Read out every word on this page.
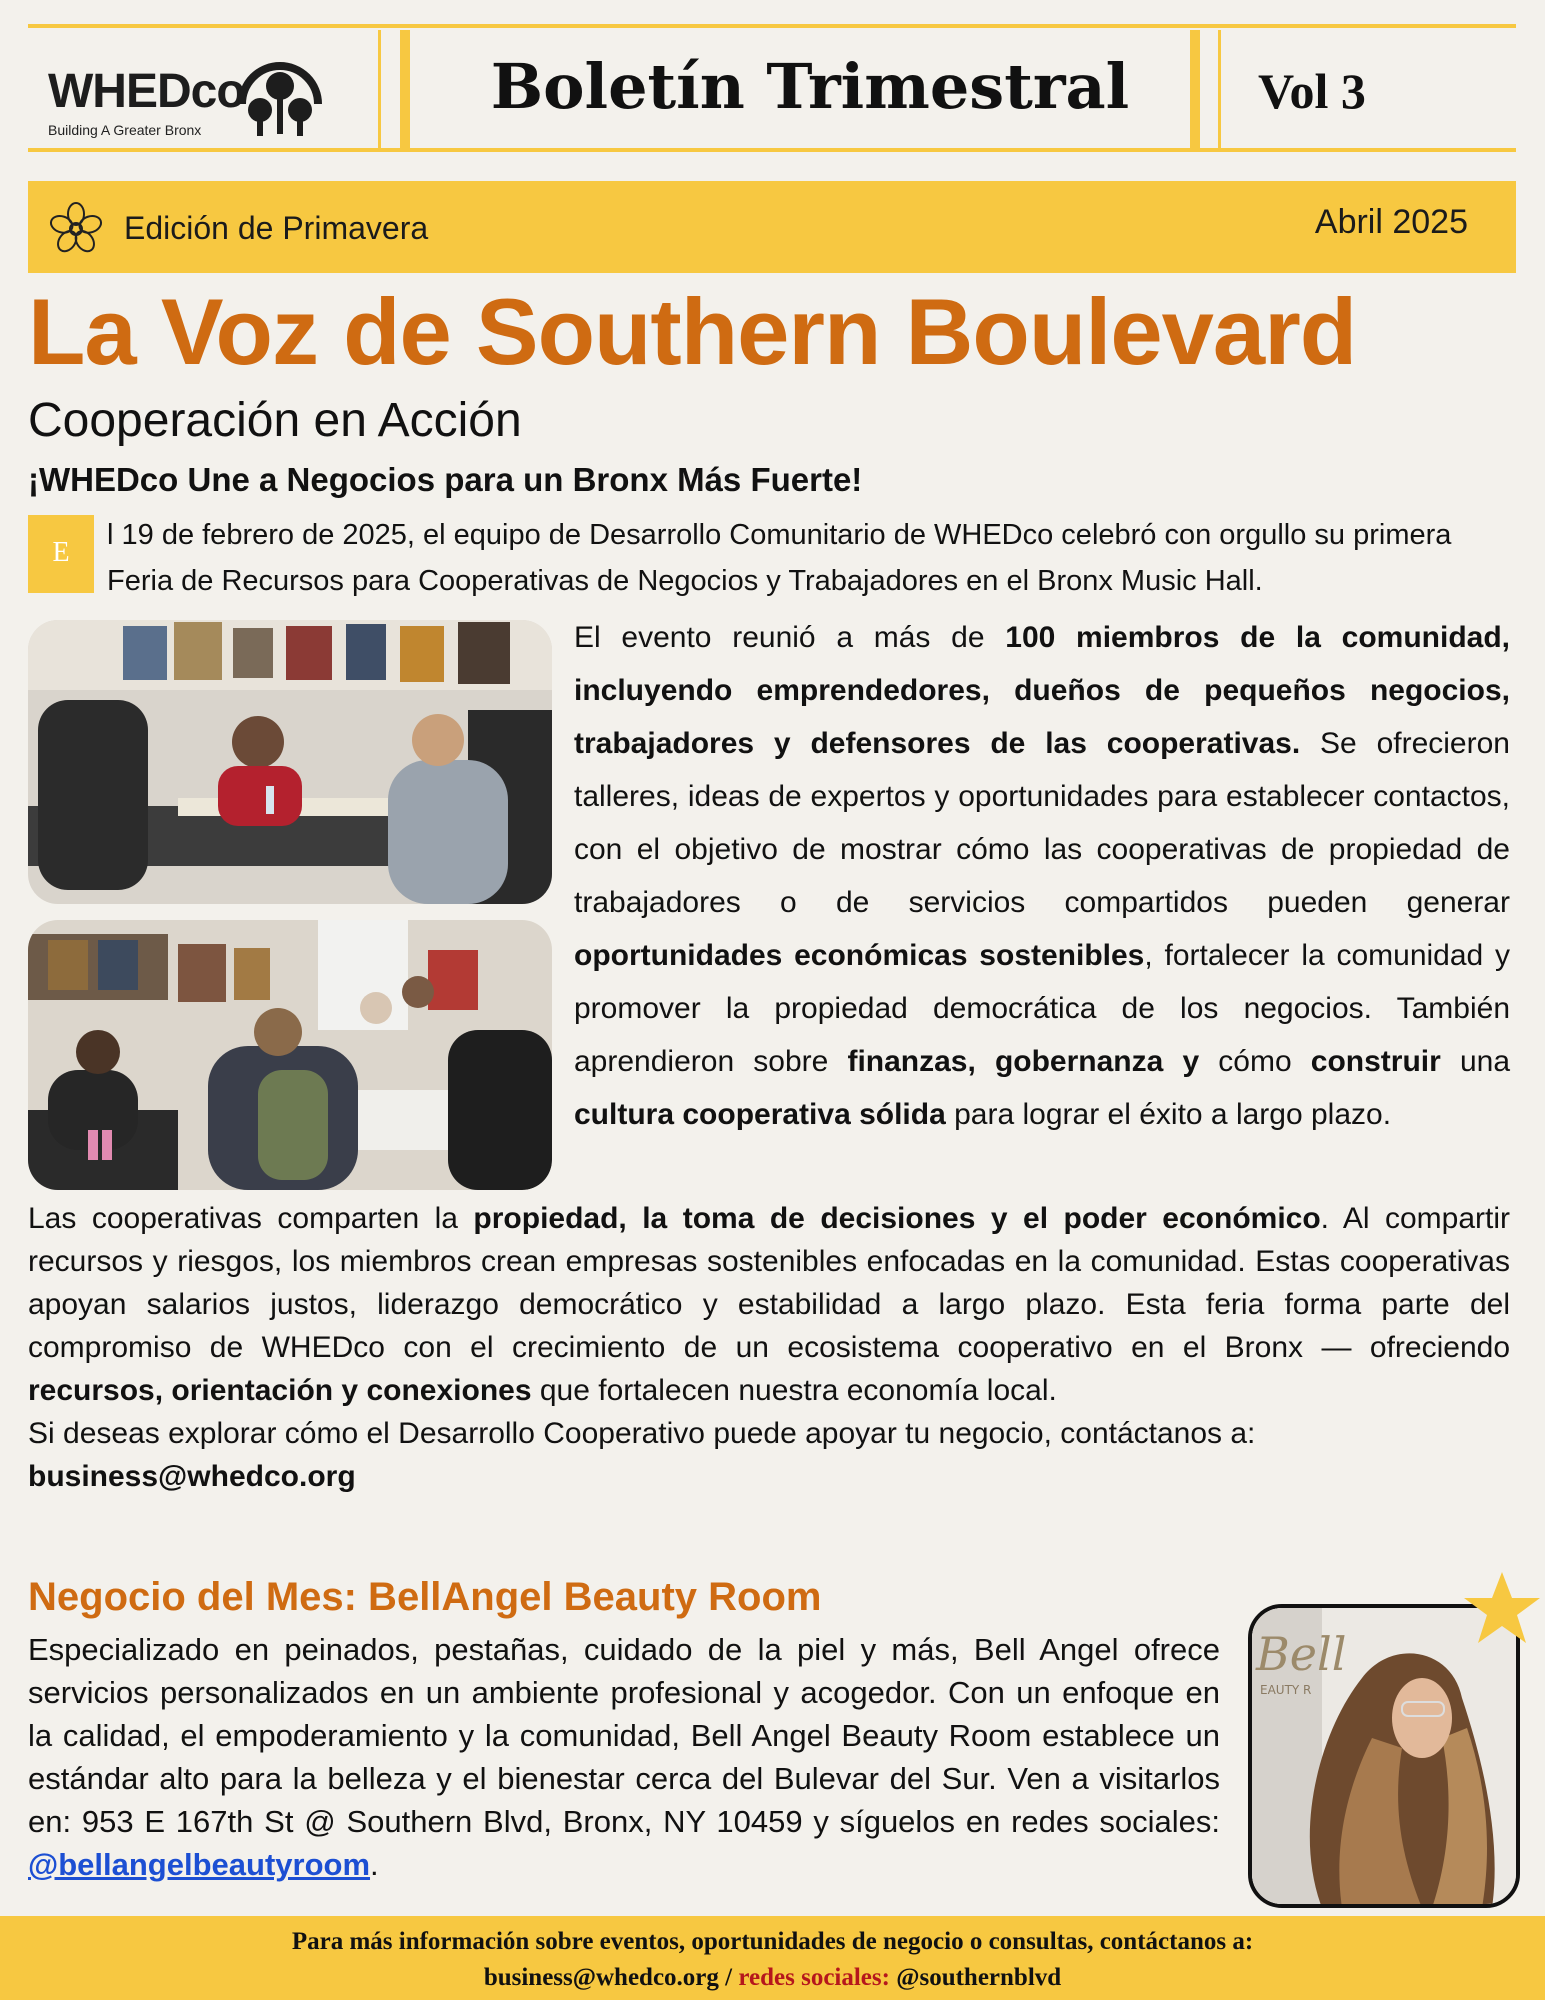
WHEDco
Building A Greater Bronx
Boletín Trimestral	Vol 3
Edición de Primavera	Abril 2025
La Voz de Southern Boulevard
Cooperación en Acción
¡WHEDco Une a Negocios para un Bronx Más Fuerte!
E
l 19 de febrero de 2025, el equipo de Desarrollo Comunitario de WHEDco celebró con orgullo su primera Feria de Recursos para Cooperativas de Negocios y Trabajadores en el Bronx Music Hall.
El evento reunió a más de 100 miembros de la comunidad, incluyendo emprendedores, dueños de pequeños negocios, trabajadores y defensores de las cooperativas. Se ofrecieron talleres, ideas de expertos y oportunidades para establecer contactos, con el objetivo de mostrar cómo las cooperativas de propiedad de trabajadores o de servicios compartidos pueden generar oportunidades económicas sostenibles, fortalecer la comunidad y promover la propiedad democrática de los negocios. También aprendieron sobre finanzas, gobernanza y cómo construir una cultura cooperativa sólida para lograr el éxito a largo plazo.

Las cooperativas comparten la propiedad, la toma de decisiones y el poder económico. Al compartir recursos y riesgos, los miembros crean empresas sostenibles enfocadas en la comunidad. Estas cooperativas apoyan salarios justos, liderazgo democrático y estabilidad a largo plazo. Esta feria forma parte del compromiso de WHEDco con el crecimiento de un ecosistema cooperativo en el Bronx — ofreciendo recursos, orientación y conexiones que fortalecen nuestra economía local.

Si deseas explorar cómo el Desarrollo Cooperativo puede apoyar tu negocio, contáctanos a:

business@whedco.org

Negocio del Mes: BellAngel Beauty Room
Especializado en peinados, pestañas, cuidado de la piel y más, Bell Angel ofrece servicios personalizados en un ambiente profesional y acogedor. Con un enfoque en la calidad, el empoderamiento y la comunidad, Bell Angel Beauty Room establece un estándar alto para la belleza y el bienestar cerca del Bulevar del Sur. Ven a visitarlos en: 953 E 167th St @ Southern Blvd, Bronx, NY 10459 y síguelos en redes sociales: @bellangelbeautyroom.
Bell
EAUTY R
Para más información sobre eventos, oportunidades de negocio o consultas, contáctanos a:
business@whedco.org / redes sociales: @southernblvd
